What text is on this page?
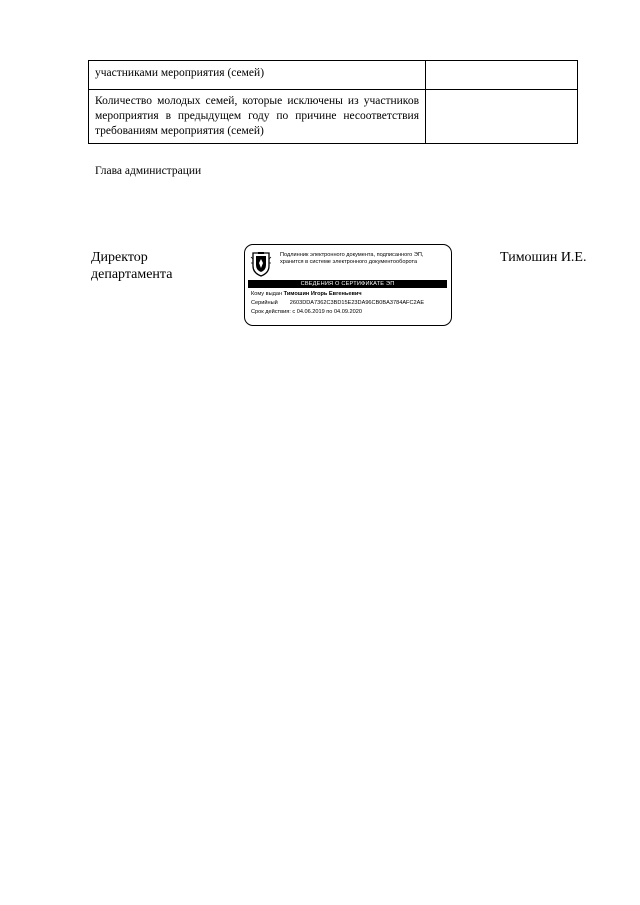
участниками мероприятия (семей)	
Количество молодых семей, которые исключены из участников мероприятия в предыдущем году по причине несоответствия требованиям мероприятия (семей)	
Глава администрации
Директор
департамента
Подлинник электронного документа, подписанного ЭП, хранится в системе электронного документооборота
СВЕДЕНИЯ О СЕРТИФИКАТЕ ЭП
Кому выдан Тимошин Игорь Евгеньевич
Серийный 2603DDA7362C3BD15E23DA96CB0BA3784AFC2AE
Срок действия: с 04.06.2019 по 04.09.2020
Тимошин И.Е.
